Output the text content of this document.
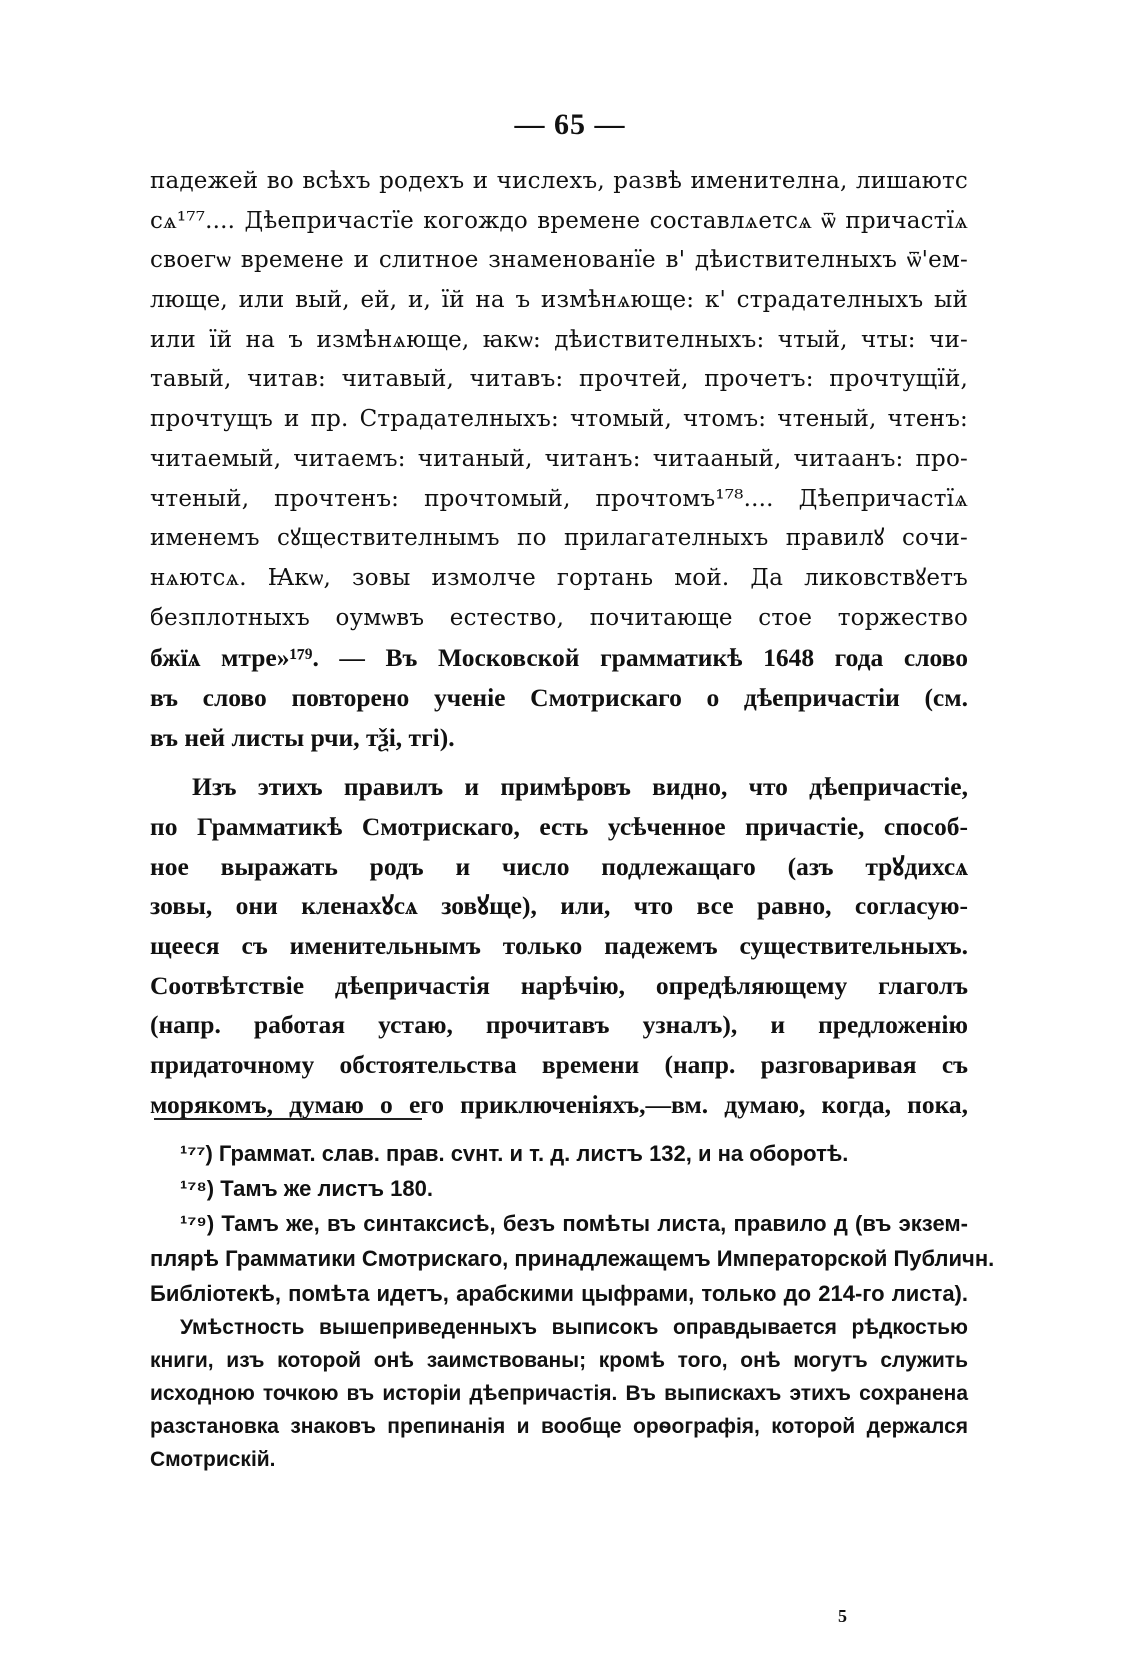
— 65 —
падежей во всѣхъ родехъ и числехъ, развѣ именителна, лишаютс
сѧ¹⁷⁷.... Дѣепричастїе когождо времене составлѧетсѧ ѿ причастїѧ
своегѡ времене и слитное знаменованїе в' дѣиствителныхъ ѿ'ем-
лющe, или вый, ей, и, їй на ъ измѣнѧюще: к' страдателныхъ ый
или їй на ъ измѣнѧюще, ꙗкѡ: дѣиствителныхъ: чтый, чты: чи-
тавый, читав: читавый, читавъ: прочтей, прочетъ: прочтущїй,
прочтущъ и пр. Страдателныхъ: чтомый, чтомъ: чтеный, чтенъ:
читаемый, читаемъ: читаный, читанъ: читааный, читаанъ: про-
чтеный, прочтенъ: прочтомый, прочтомъ¹⁷⁸.... Дѣепричастїѧ
именемъ сꙋществителнымъ по прилагателныхъ правилꙋ сочи-
нѧютсѧ. Ꙗкѡ, зовы измолче гортань мой. Да ликовствꙋетъ
безплотныхъ оумѡвъ естество, почитающе стое торжество
бжїѧ мтре»¹⁷⁹. — Въ Московской грамматикѣ 1648 года слово
въ слово повторено ученіе Смотрискаго о дѣепричастіи (см.
въ ней листы рчи, тѯi, тгi).
Изъ этихъ правилъ и примѣровъ видно, что дѣепричастіе,
по Грамматикѣ Смотрискаго, есть усѣченное причастіе, способ-
ное выражать родъ и число подлежащаго (азъ трꙋдихсѧ
зовы, они кленахꙋсѧ зовꙋще), или, что все равно, согласую-
щееся съ именительнымъ только падежемъ существительныхъ.
Соотвѣтствіе дѣепричастія нарѣчію, опредѣляющему глаголъ
(напр. работая устаю, прочитавъ узналъ), и предложенію
придаточному обстоятельства времени (напр. разговаривая съ
морякомъ, думаю о его приключеніяхъ,—вм. думаю, когда, пока,
¹⁷⁷) Граммат. слав. прав. сvнт. и т. д. листъ 132, и на оборотѣ.
¹⁷⁸) Тамъ же листъ 180.
¹⁷⁹) Тамъ же, въ синтаксисѣ, безъ помѣты листа, правило д (въ экзем-
плярѣ Грамматики Смотрискаго, принадлежащемъ Императорской Публичн.
Библіотекѣ, помѣта идетъ, арабскими цыфрами, только до 214-го листа).
Умѣстность вышеприведенныхъ выписокъ оправдывается рѣдкостью
книги, изъ которой онѣ заимствованы; кромѣ того, онѣ могутъ служить
исходною точкою въ исторіи дѣепричастія. Въ выпискахъ этихъ сохранена
разстановка знаковъ препинанія и вообще орѳографія, которой держался
Смотрискій.
5
